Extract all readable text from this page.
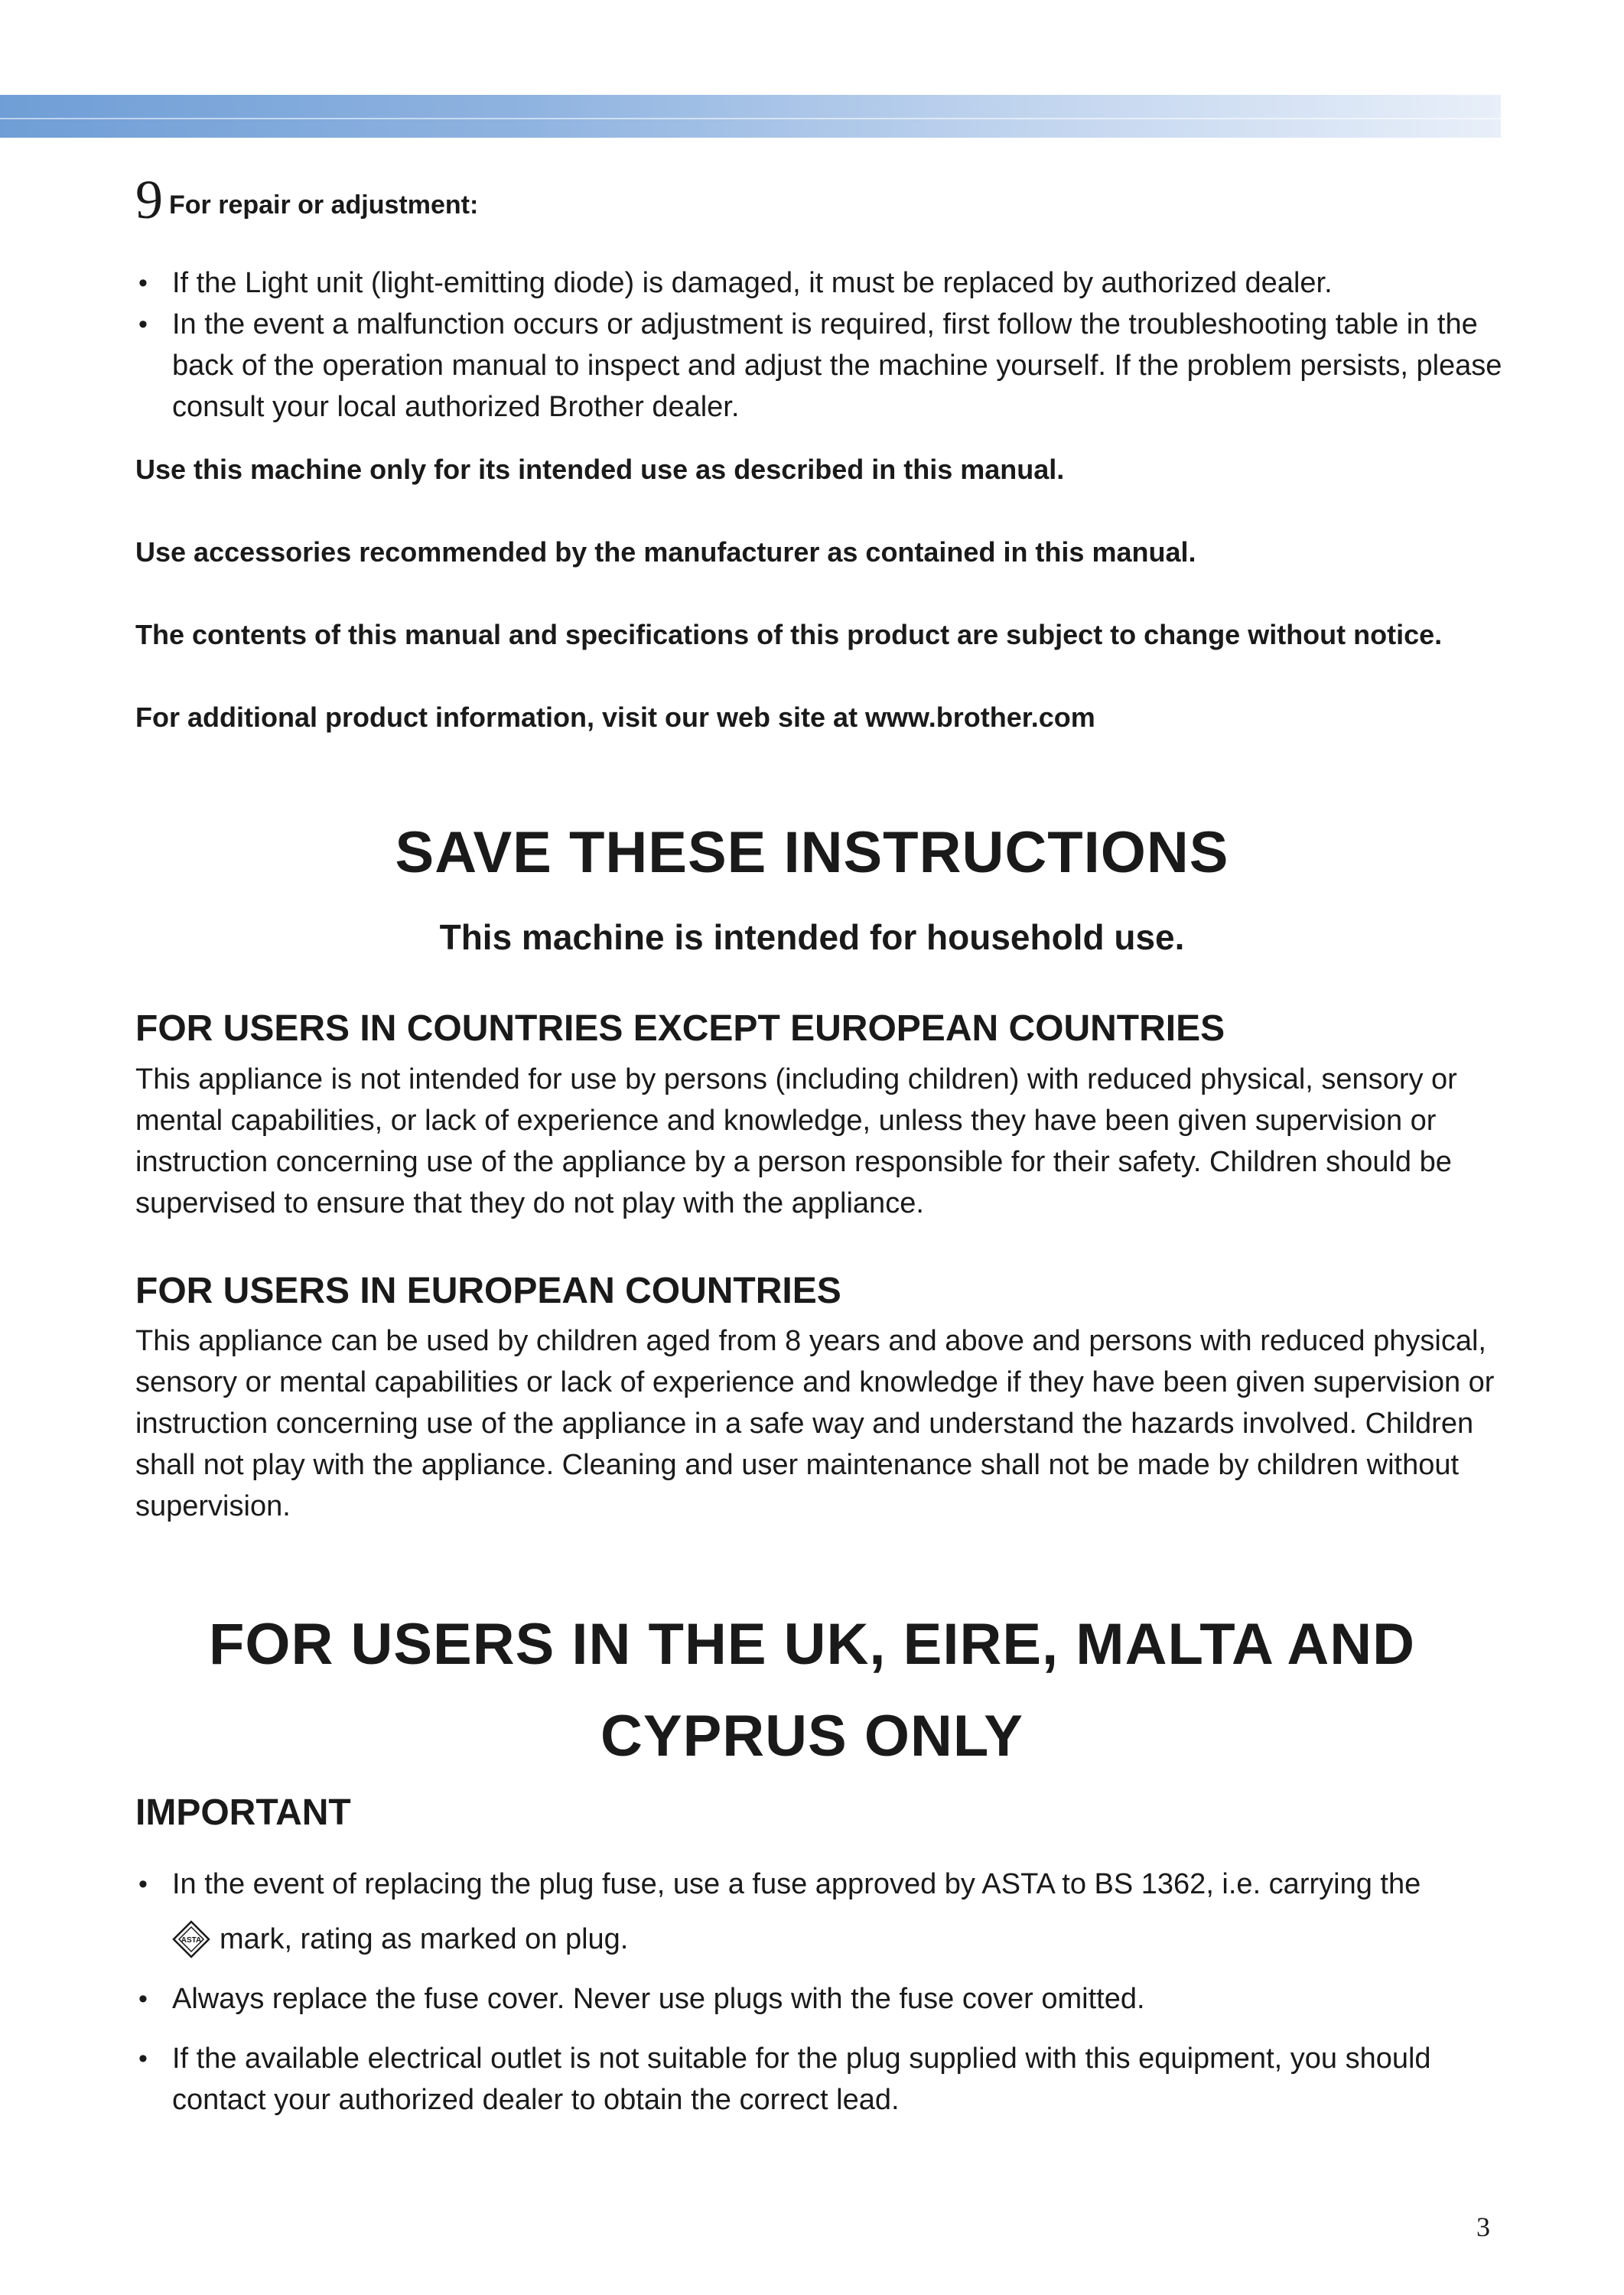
9 For repair or adjustment:
• If the Light unit (light-emitting diode) is damaged, it must be replaced by authorized dealer.
• In the event a malfunction occurs or adjustment is required, first follow the troubleshooting table in the back of the operation manual to inspect and adjust the machine yourself. If the problem persists, please consult your local authorized Brother dealer.

Use this machine only for its intended use as described in this manual.

Use accessories recommended by the manufacturer as contained in this manual.

The contents of this manual and specifications of this product are subject to change without notice.

For additional product information, visit our web site at www.brother.com

SAVE THESE INSTRUCTIONS

This machine is intended for household use.

FOR USERS IN COUNTRIES EXCEPT EUROPEAN COUNTRIES

This appliance is not intended for use by persons (including children) with reduced physical, sensory or mental capabilities, or lack of experience and knowledge, unless they have been given supervision or instruction concerning use of the appliance by a person responsible for their safety. Children should be supervised to ensure that they do not play with the appliance.

FOR USERS IN EUROPEAN COUNTRIES

This appliance can be used by children aged from 8 years and above and persons with reduced physical, sensory or mental capabilities or lack of experience and knowledge if they have been given supervision or instruction concerning use of the appliance in a safe way and understand the hazards involved. Children shall not play with the appliance. Cleaning and user maintenance shall not be made by children without supervision.

FOR USERS IN THE UK, EIRE, MALTA AND
CYPRUS ONLY
IMPORTANT
• In the event of replacing the plug fuse, use a fuse approved by ASTA to BS 1362, i.e. carrying the
ASTA mark, rating as marked on plug.
• Always replace the fuse cover. Never use plugs with the fuse cover omitted.
• If the available electrical outlet is not suitable for the plug supplied with this equipment, you should contact your authorized dealer to obtain the correct lead.
3
